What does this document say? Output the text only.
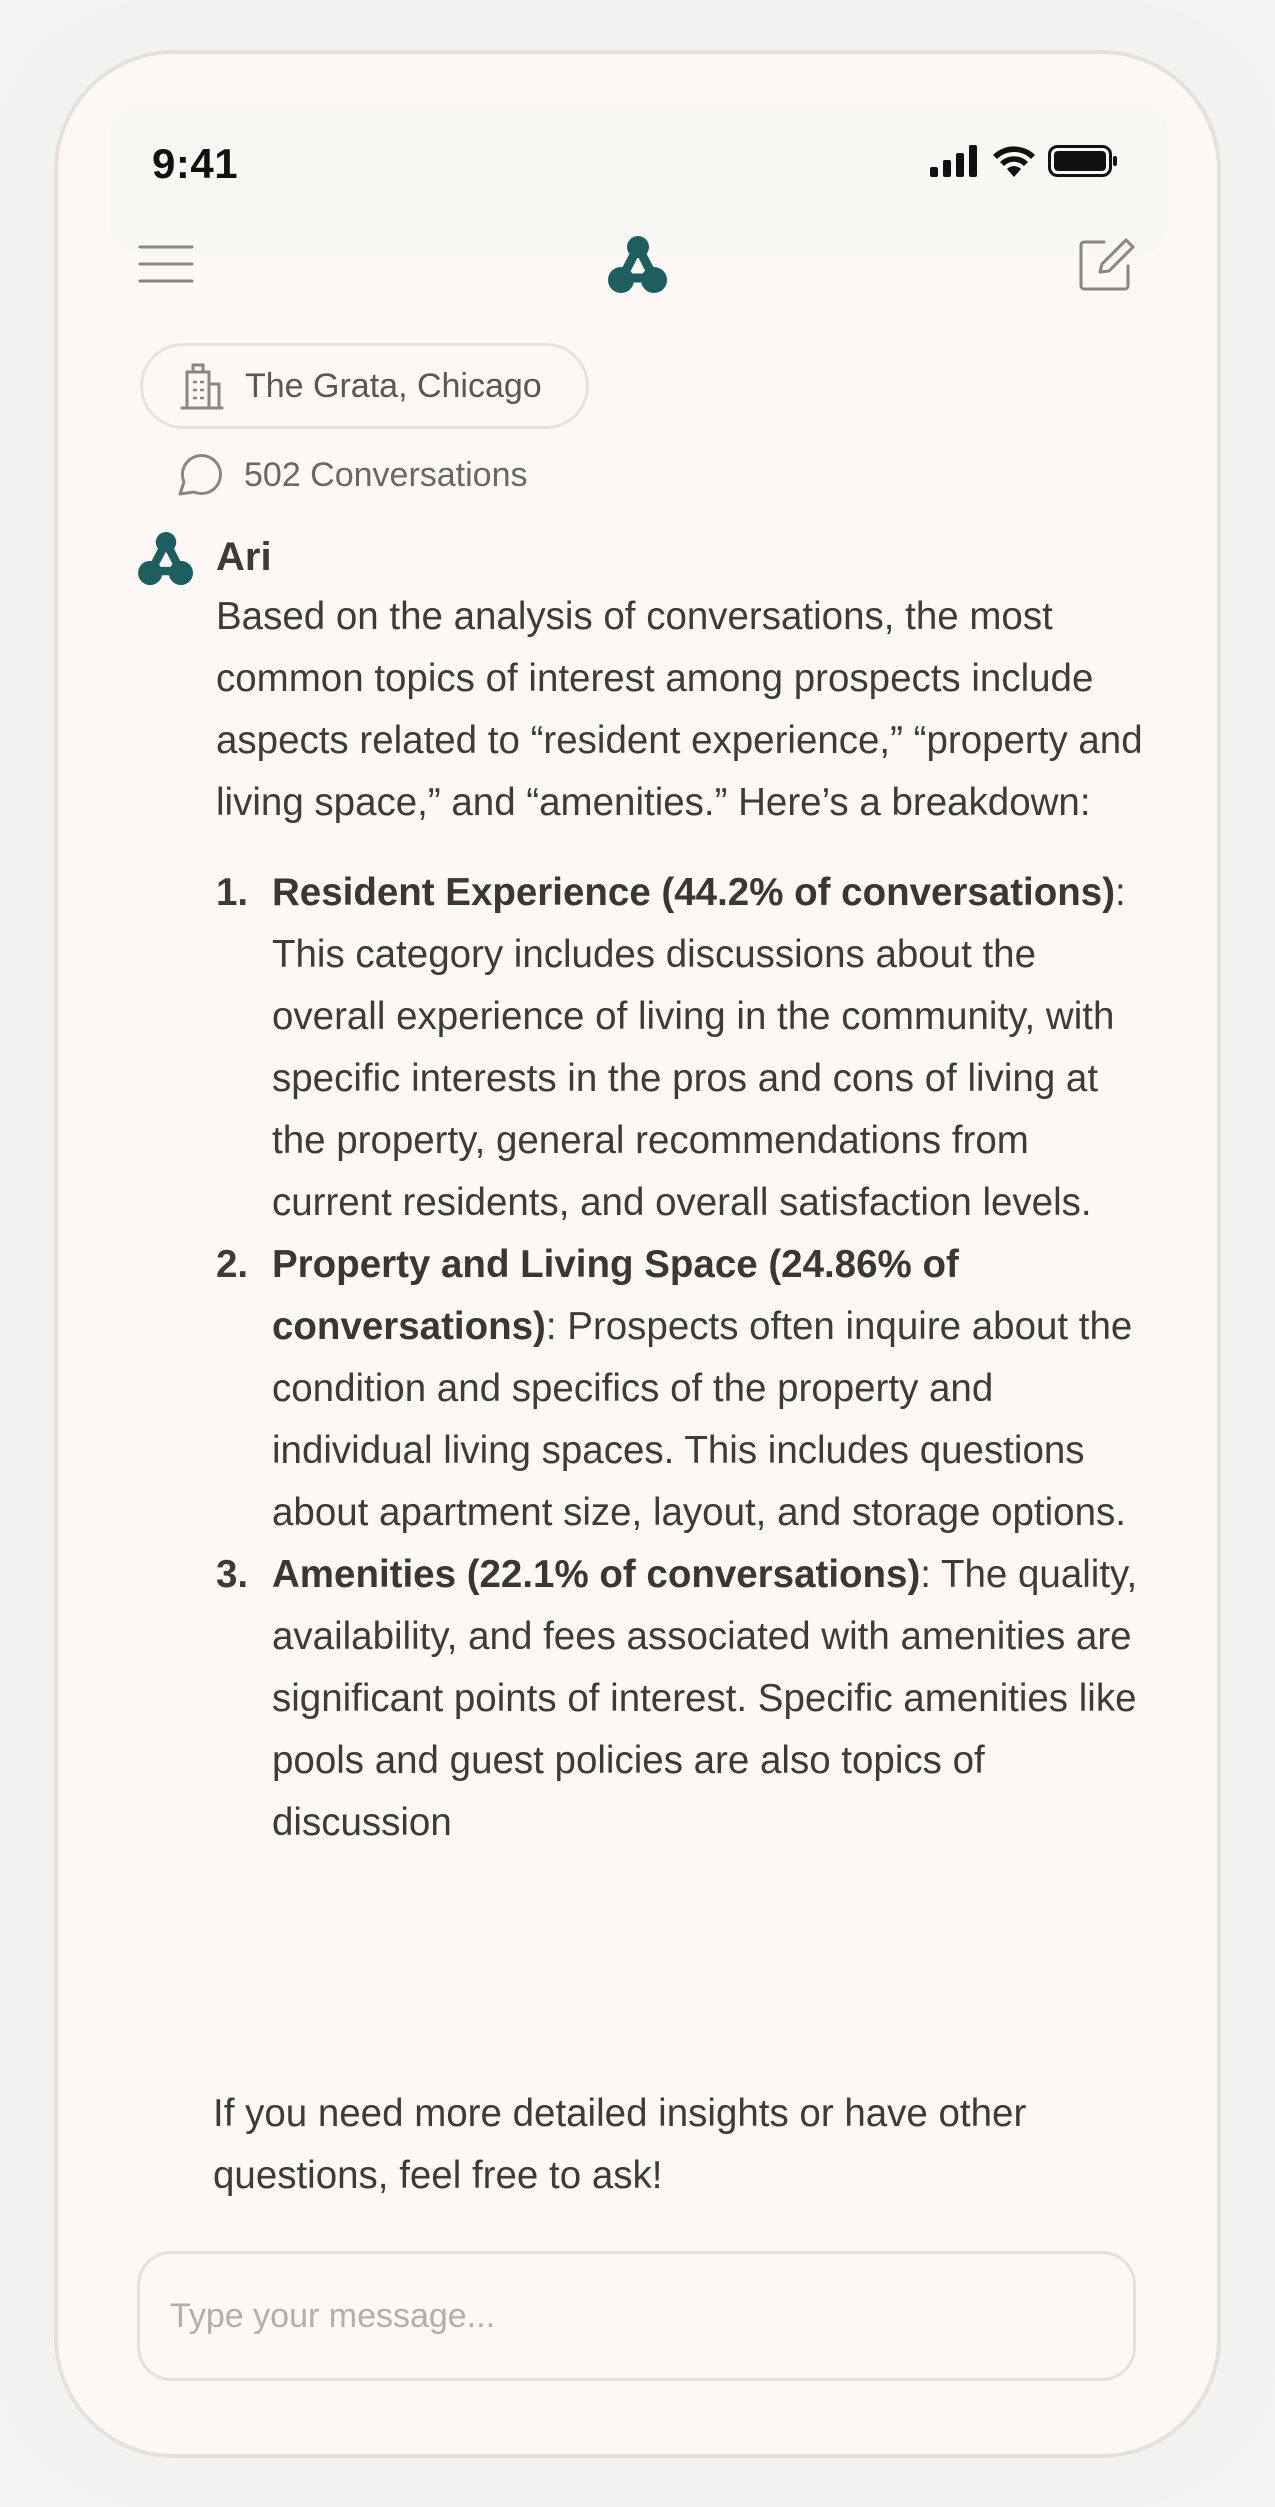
9:41
The Grata, Chicago
502 Conversations
Ari

Based on the analysis of conversations, the most common topics of interest among prospects include aspects related to “resident experience,” “property and living space,” and “amenities.” Here’s a breakdown:

1. Resident Experience (44.2% of conversations): This category includes discussions about the overall experience of living in the community, with specific interests in the pros and cons of living at the property, general recommendations from current residents, and overall satisfaction levels.
2. Property and Living Space (24.86% of conversations): Prospects often inquire about the condition and specifics of the property and individual living spaces. This includes questions about apartment size, layout, and storage options.
3. Amenities (22.1% of conversations): The quality, availability, and fees associated with amenities are significant points of interest. Specific amenities like pools and guest policies are also topics of discussion

If you need more detailed insights or have other questions, feel free to ask!

Type your message...
